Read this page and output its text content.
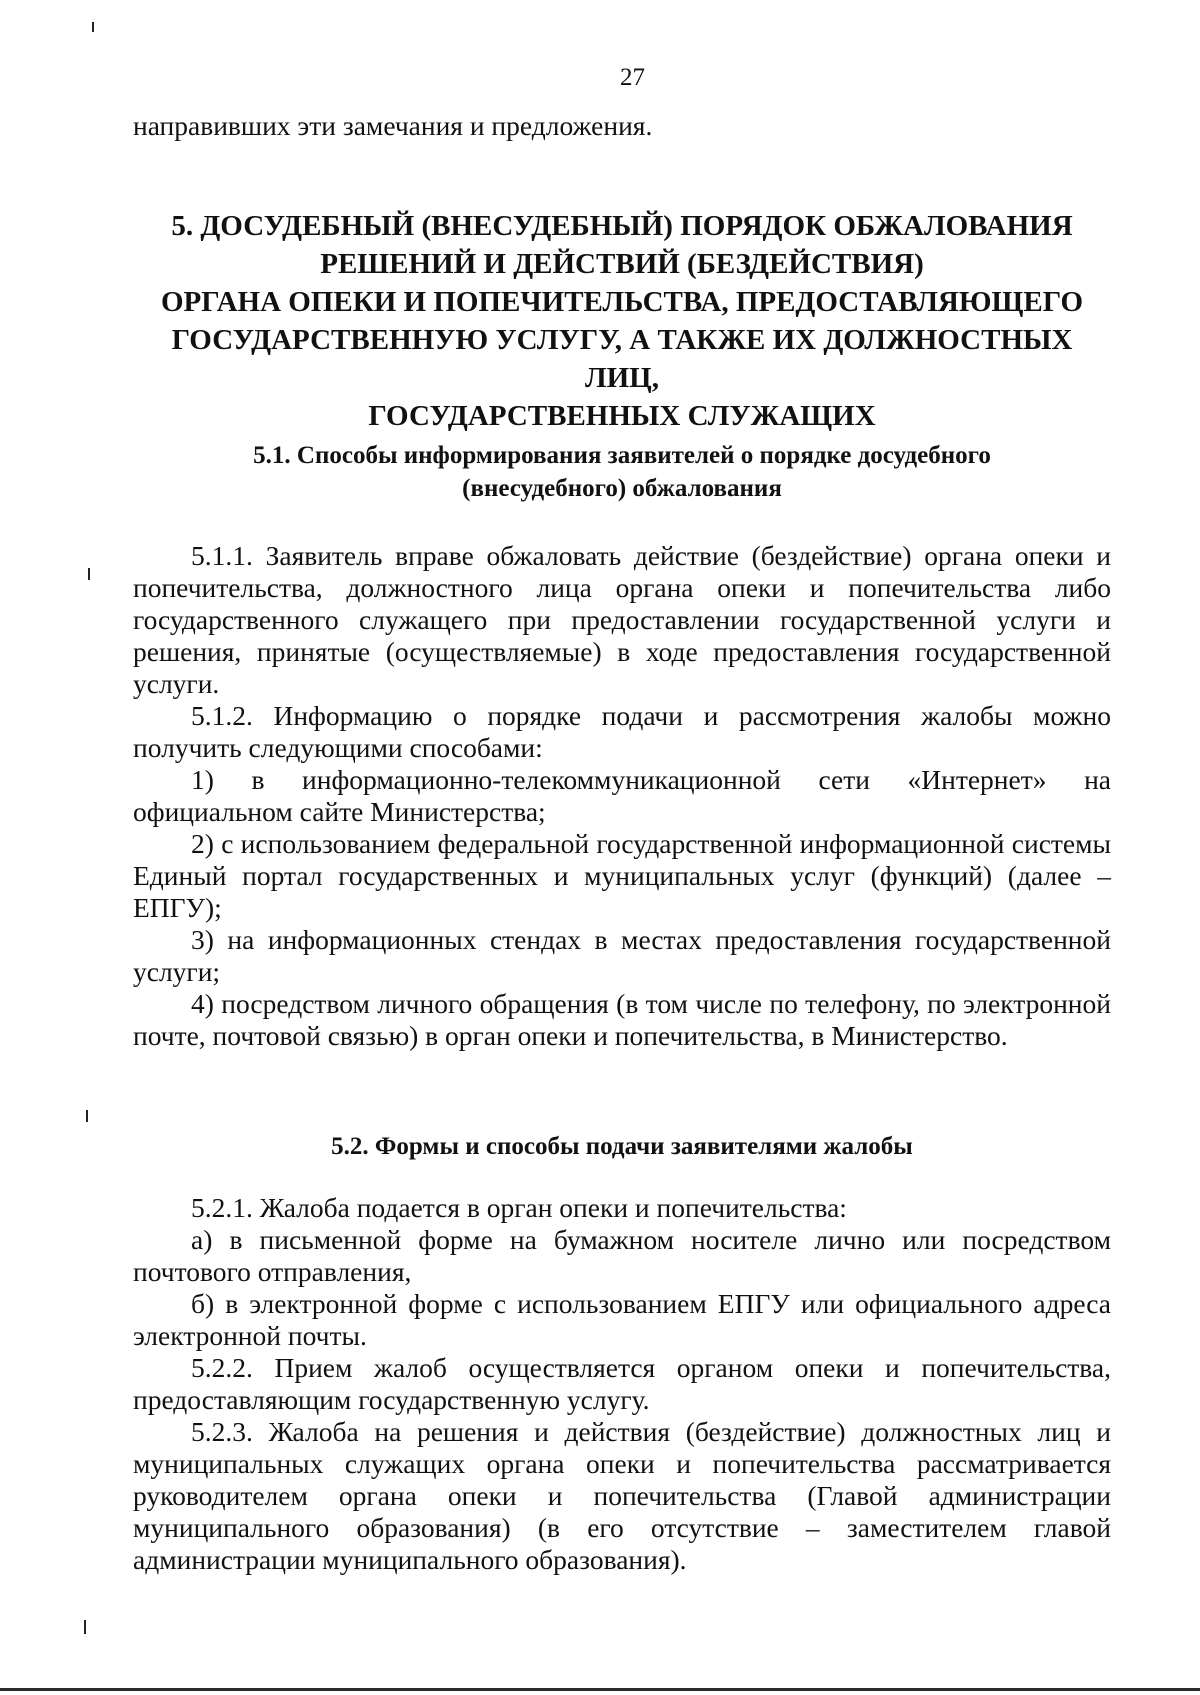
27

направивших эти замечания и предложения.

5. ДОСУДЕБНЫЙ (ВНЕСУДЕБНЫЙ) ПОРЯДОК ОБЖАЛОВАНИЯ
РЕШЕНИЙ И ДЕЙСТВИЙ (БЕЗДЕЙСТВИЯ)
ОРГАНА ОПЕКИ И ПОПЕЧИТЕЛЬСТВА, ПРЕДОСТАВЛЯЮЩЕГО
ГОСУДАРСТВЕННУЮ УСЛУГУ, А ТАКЖЕ ИХ ДОЛЖНОСТНЫХ ЛИЦ,
ГОСУДАРСТВЕННЫХ СЛУЖАЩИХ
5.1. Способы информирования заявителей о порядке досудебного
(внесудебного) обжалования

5.1.1. Заявитель вправе обжаловать действие (бездействие) органа опеки и попечительства, должностного лица органа опеки и попечительства либо государственного служащего при предоставлении государственной услуги и решения, принятые (осуществляемые) в ходе предоставления государственной услуги.

5.1.2. Информацию о порядке подачи и рассмотрения жалобы можно получить следующими способами:

1) в информационно-телекоммуникационной сети «Интернет» на официальном сайте Министерства;

2) с использованием федеральной государственной информационной системы Единый портал государственных и муниципальных услуг (функций) (далее – ЕПГУ);

3) на информационных стендах в местах предоставления государственной услуги;

4) посредством личного обращения (в том числе по телефону, по электронной почте, почтовой связью) в орган опеки и попечительства, в Министерство.

5.2. Формы и способы подачи заявителями жалобы

5.2.1. Жалоба подается в орган опеки и попечительства:

а) в письменной форме на бумажном носителе лично или посредством почтового отправления,

б) в электронной форме с использованием ЕПГУ или официального адреса электронной почты.

5.2.2. Прием жалоб осуществляется органом опеки и попечительства, предоставляющим государственную услугу.

5.2.3. Жалоба на решения и действия (бездействие) должностных лиц и муниципальных служащих органа опеки и попечительства рассматривается руководителем органа опеки и попечительства (Главой администрации муниципального образования) (в его отсутствие – заместителем главой администрации муниципального образования).
